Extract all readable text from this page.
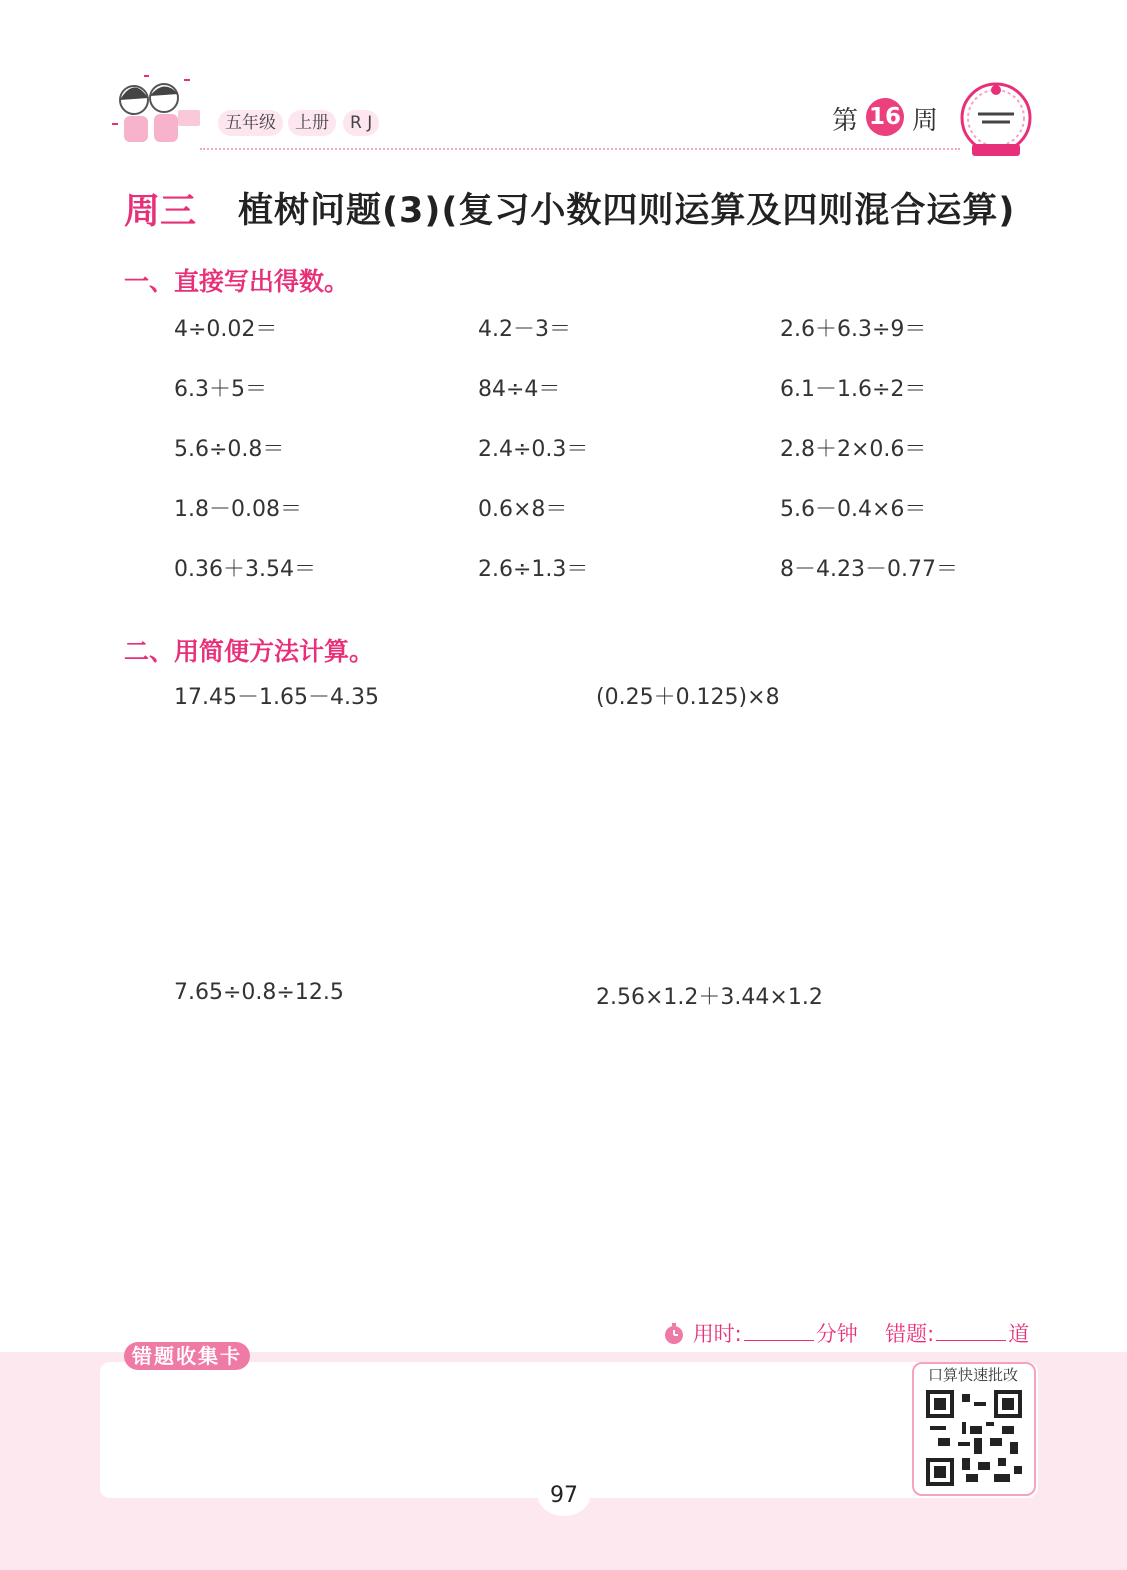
五年级	上册	R J	第 16 周
周三 植树问题(3)(复习小数四则运算及四则混合运算)
一、直接写出得数。
4÷0.02＝	4.2－3＝	2.6＋6.3÷9＝
6.3＋5＝	84÷4＝	6.1－1.6÷2＝
5.6÷0.8＝	2.4÷0.3＝	2.8＋2×0.6＝
1.8－0.08＝	0.6×8＝	5.6－0.4×6＝
0.36＋3.54＝	2.6÷1.3＝	8－4.23－0.77＝
二、用简便方法计算。
17.45－1.65－4.35	(0.25＋0.125)×8
7.65÷0.8÷12.5	2.56×1.2＋3.44×1.2
用时:	分钟 错题:	道
错题收集卡
口算快速批改
97
